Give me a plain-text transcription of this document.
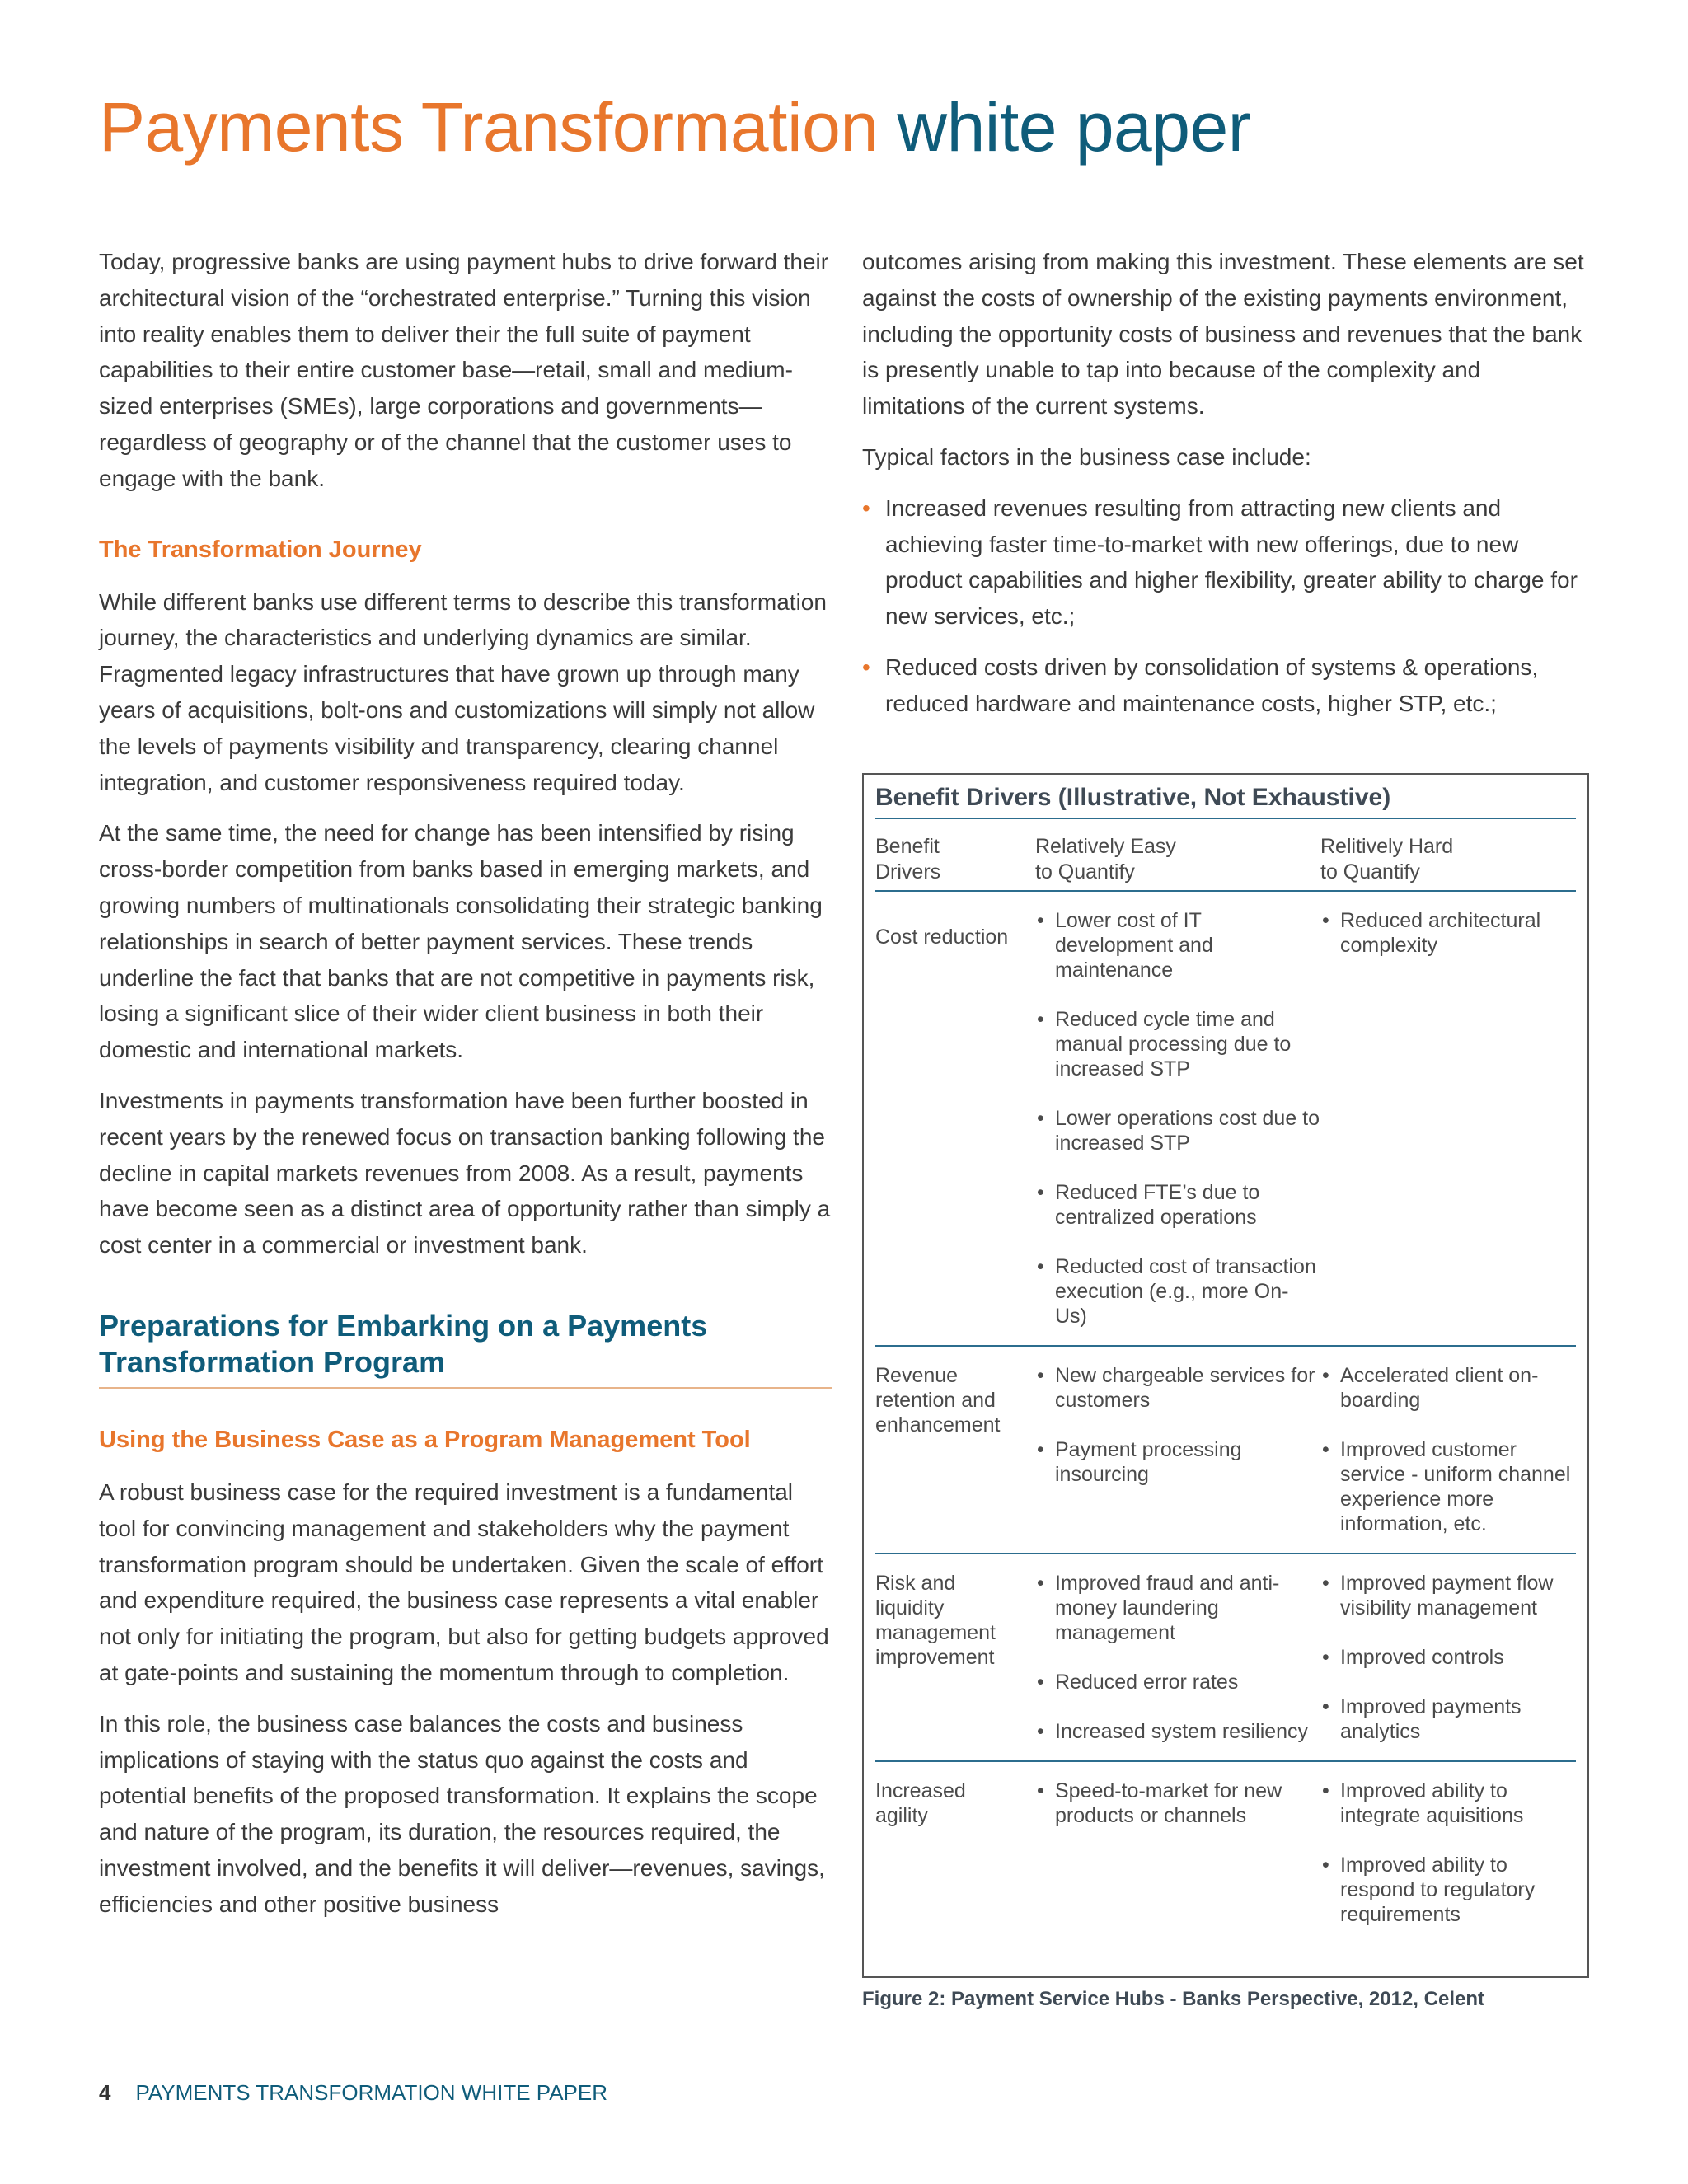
Payments Transformation white paper

Today, progressive banks are using payment hubs to drive forward their architectural vision of the “orchestrated enterprise.” Turning this vision into reality enables them to deliver their the full suite of payment capabilities to their entire customer base—retail, small and medium-sized enterprises (SMEs), large corporations and governments—regardless of geography or of the channel that the customer uses to engage with the bank.

The Transformation Journey

While different banks use different terms to describe this transformation journey, the characteristics and underlying dynamics are similar. Fragmented legacy infrastructures that have grown up through many years of acquisitions, bolt-ons and customizations will simply not allow the levels of payments visibility and transparency, clearing channel integration, and customer responsiveness required today.

At the same time, the need for change has been intensified by rising cross-border competition from banks based in emerging markets, and growing numbers of multinationals consolidating their strategic banking relationships in search of better payment services. These trends underline the fact that banks that are not competitive in payments risk, losing a significant slice of their wider client business in both their domestic and international markets.

Investments in payments transformation have been further boosted in recent years by the renewed focus on transaction banking following the decline in capital markets revenues from 2008. As a result, payments have become seen as a distinct area of opportunity rather than simply a cost center in a commercial or investment bank.

Preparations for Embarking on a Payments Transformation Program
Using the Business Case as a Program Management Tool

A robust business case for the required investment is a fundamental tool for convincing management and stakeholders why the payment transformation program should be undertaken. Given the scale of effort and expenditure required, the business case represents a vital enabler not only for initiating the program, but also for getting budgets approved at gate-points and sustaining the momentum through to completion.

In this role, the business case balances the costs and business implications of staying with the status quo against the costs and potential benefits of the proposed transformation. It explains the scope and nature of the program, its duration, the resources required, the investment involved, and the benefits it will deliver—revenues, savings, efficiencies and other positive business

outcomes arising from making this investment. These elements are set against the costs of ownership of the existing payments environment, including the opportunity costs of business and revenues that the bank is presently unable to tap into because of the complexity and limitations of the current systems.

Typical factors in the business case include:

• Increased revenues resulting from attracting new clients and achieving faster time-to-market with new offerings, due to new product capabilities and higher flexibility, greater ability to charge for new services, etc.;
• Reduced costs driven by consolidation of systems & operations, reduced hardware and maintenance costs, higher STP, etc.;
Benefit Drivers (Illustrative, Not Exhaustive)
Benefit
Drivers
Relatively Easy
to Quantify
Relitively Hard
to Quantify
Cost reduction
• Lower cost of IT development and maintenance
• Reduced cycle time and manual processing due to increased STP
• Lower operations cost due to increased STP
• Reduced FTE’s due to centralized operations
• Reducted cost of transaction execution (e.g., more On-Us)
• Reduced architectural complexity
Revenue
retention and
enhancement
• New chargeable services for customers
• Payment processing insourcing
• Accelerated client on-boarding
• Improved customer service - uniform channel experience more information, etc.
Risk and
liquidity
management
improvement
• Improved fraud and anti-money laundering management
• Reduced error rates
• Increased system resiliency
• Improved payment flow visibility management
• Improved controls
• Improved payments analytics
Increased
agility
• Speed-to-market for new products or channels
• Improved ability to integrate aquisitions
• Improved ability to respond to regulatory requirements
Figure 2: Payment Service Hubs - Banks Perspective, 2012, Celent
4 PAYMENTS TRANSFORMATION WHITE PAPER
